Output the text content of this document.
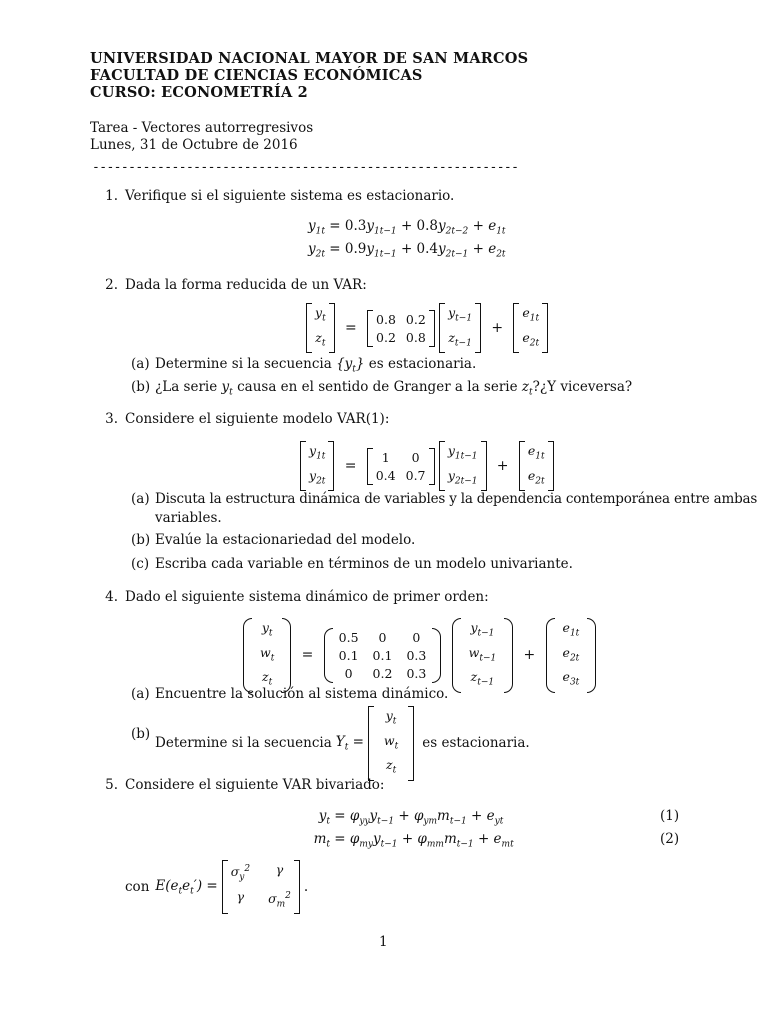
UNIVERSIDAD NACIONAL MAYOR DE SAN MARCOS
FACULTAD DE CIENCIAS ECONÓMICAS
CURSO: ECONOMETRÍA 2
Tarea - Vectores autorregresivos
Lunes, 31 de Octubre de 2016
-----------------------------------------------------------
1. Verifique si el siguiente sistema es estacionario.
$y_{1t} = 0.3y_{1t-1} + 0.8y_{2t-2} + e_{1t}$
$y_{2t} = 0.9y_{1t-1} + 0.4y_{2t-1} + e_{2t}$
2. Dada la forma reducida de un VAR:
$y_t$
$z_t$
=
0.8 0.2
0.2 0.8

$y_{t-1}$
$z_{t-1}$
+
$e_{1t}$
$e_{2t}$
(a) Determine si la secuencia $\{y_t\}$ es estacionaria.
(b) ¿La serie $y_t$ causa en el sentido de Granger a la serie $z_t?¿Y$ viceversa?
3. Considere el siguiente modelo VAR(1):
$y_{1t}$
$y_{2t}$
=
1	0
0.4 0.7

$y_{1t-1}$
$y_{2t-1}$
+
$e_{1t}$
$e_{2t}$
(a) Discuta la estructura dinámica de variables y la dependencia contemporánea entre ambas
variables.
(b) Evalúe la estacionariedad del modelo.
(c) Escriba cada variable en términos de un modelo univariante.
4. Dado el siguiente sistema dinámico de primer orden:
$y_t$
$w_t$
$z_t$
=
0.5	0	0
0.1 0.1 0.3
0	0.2 0.3

$y_{t-1}$
$w_{t-1}$
$z_{t-1}$
+
$e_{1t}$
$e_{2t}$
$e_{3t}$
(a) Encuentre la solución al sistema dinámico.
(b)
Determine si la secuencia $Y_t$ =
$y_t$
$w_t$
$z_t$
es estacionaria.
5. Considere el siguiente VAR bivariado:
$y_t = \varphi_{yy}y_{t-1} + \varphi_{ym}m_{t-1} + e_{yt}$
$m_t = \varphi_{my}y_{t-1} + \varphi_{mm}m_{t-1} + e_{mt}$
(1)
(2)
con $E(e_te_t')$ =
$\sigma_y^2$	γ
γ	$\sigma_m^2$
.
1
